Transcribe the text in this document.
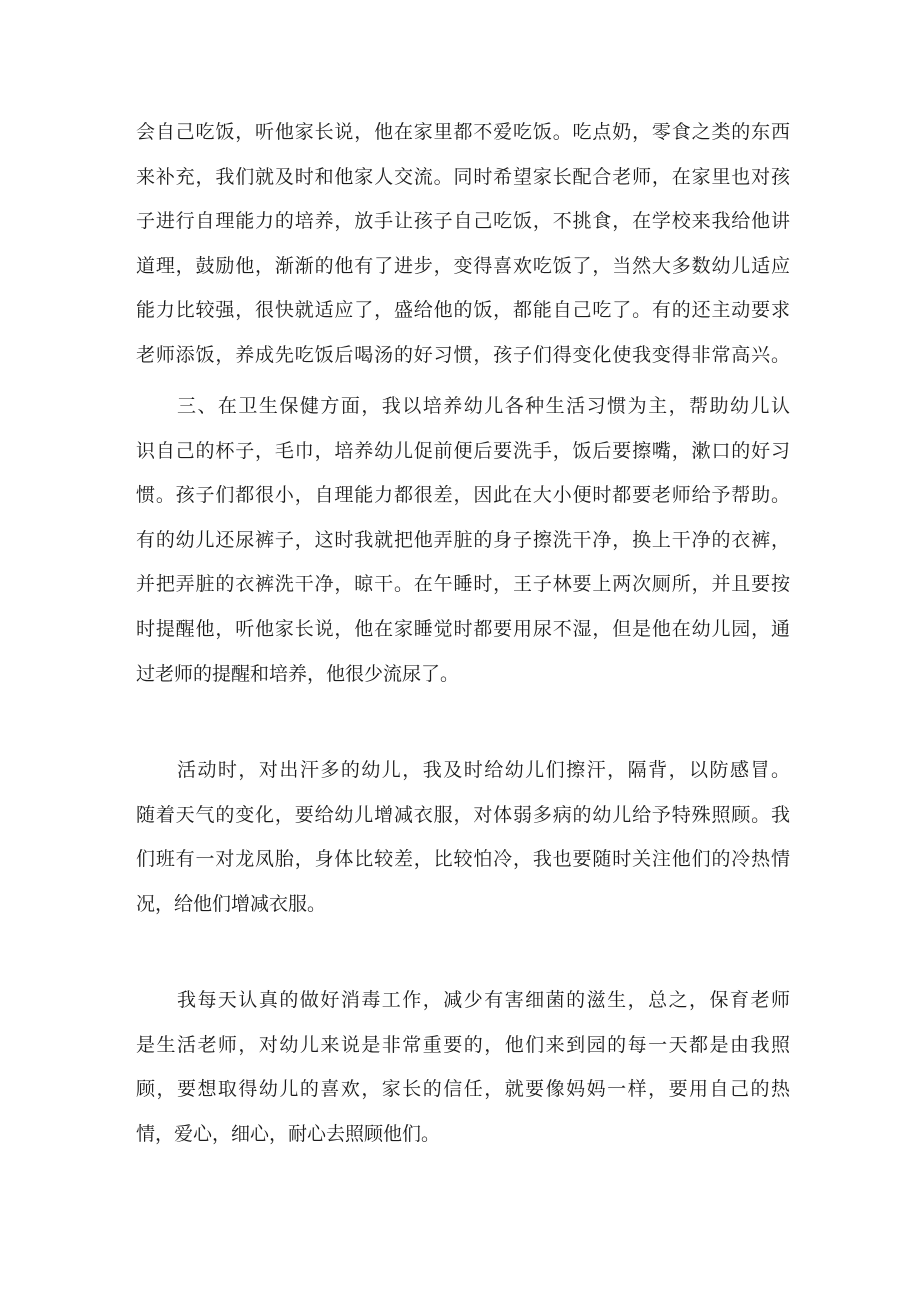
会自己吃饭，听他家长说，他在家里都不爱吃饭。吃点奶，零食之类的东西
来补充，我们就及时和他家人交流。同时希望家长配合老师，在家里也对孩
子进行自理能力的培养，放手让孩子自己吃饭，不挑食，在学校来我给他讲
道理，鼓励他，渐渐的他有了进步，变得喜欢吃饭了，当然大多数幼儿适应
能力比较强，很快就适应了，盛给他的饭，都能自己吃了。有的还主动要求
老师添饭，养成先吃饭后喝汤的好习惯，孩子们得变化使我变得非常高兴。
　　三、在卫生保健方面，我以培养幼儿各种生活习惯为主，帮助幼儿认
识自己的杯子，毛巾，培养幼儿促前便后要洗手，饭后要擦嘴，漱口的好习
惯。孩子们都很小，自理能力都很差，因此在大小便时都要老师给予帮助。
有的幼儿还尿裤子，这时我就把他弄脏的身子擦洗干净，换上干净的衣裤，
并把弄脏的衣裤洗干净，晾干。在午睡时，王子林要上两次厕所，并且要按
时提醒他，听他家长说，他在家睡觉时都要用尿不湿，但是他在幼儿园，通
过老师的提醒和培养，他很少流尿了。
　　活动时，对出汗多的幼儿，我及时给幼儿们擦汗，隔背，以防感冒。
随着天气的变化，要给幼儿增减衣服，对体弱多病的幼儿给予特殊照顾。我
们班有一对龙凤胎，身体比较差，比较怕冷，我也要随时关注他们的冷热情
况，给他们增减衣服。
　　我每天认真的做好消毒工作，减少有害细菌的滋生，总之，保育老师
是生活老师，对幼儿来说是非常重要的，他们来到园的每一天都是由我照
顾，要想取得幼儿的喜欢，家长的信任，就要像妈妈一样，要用自己的热
情，爱心，细心，耐心去照顾他们。
